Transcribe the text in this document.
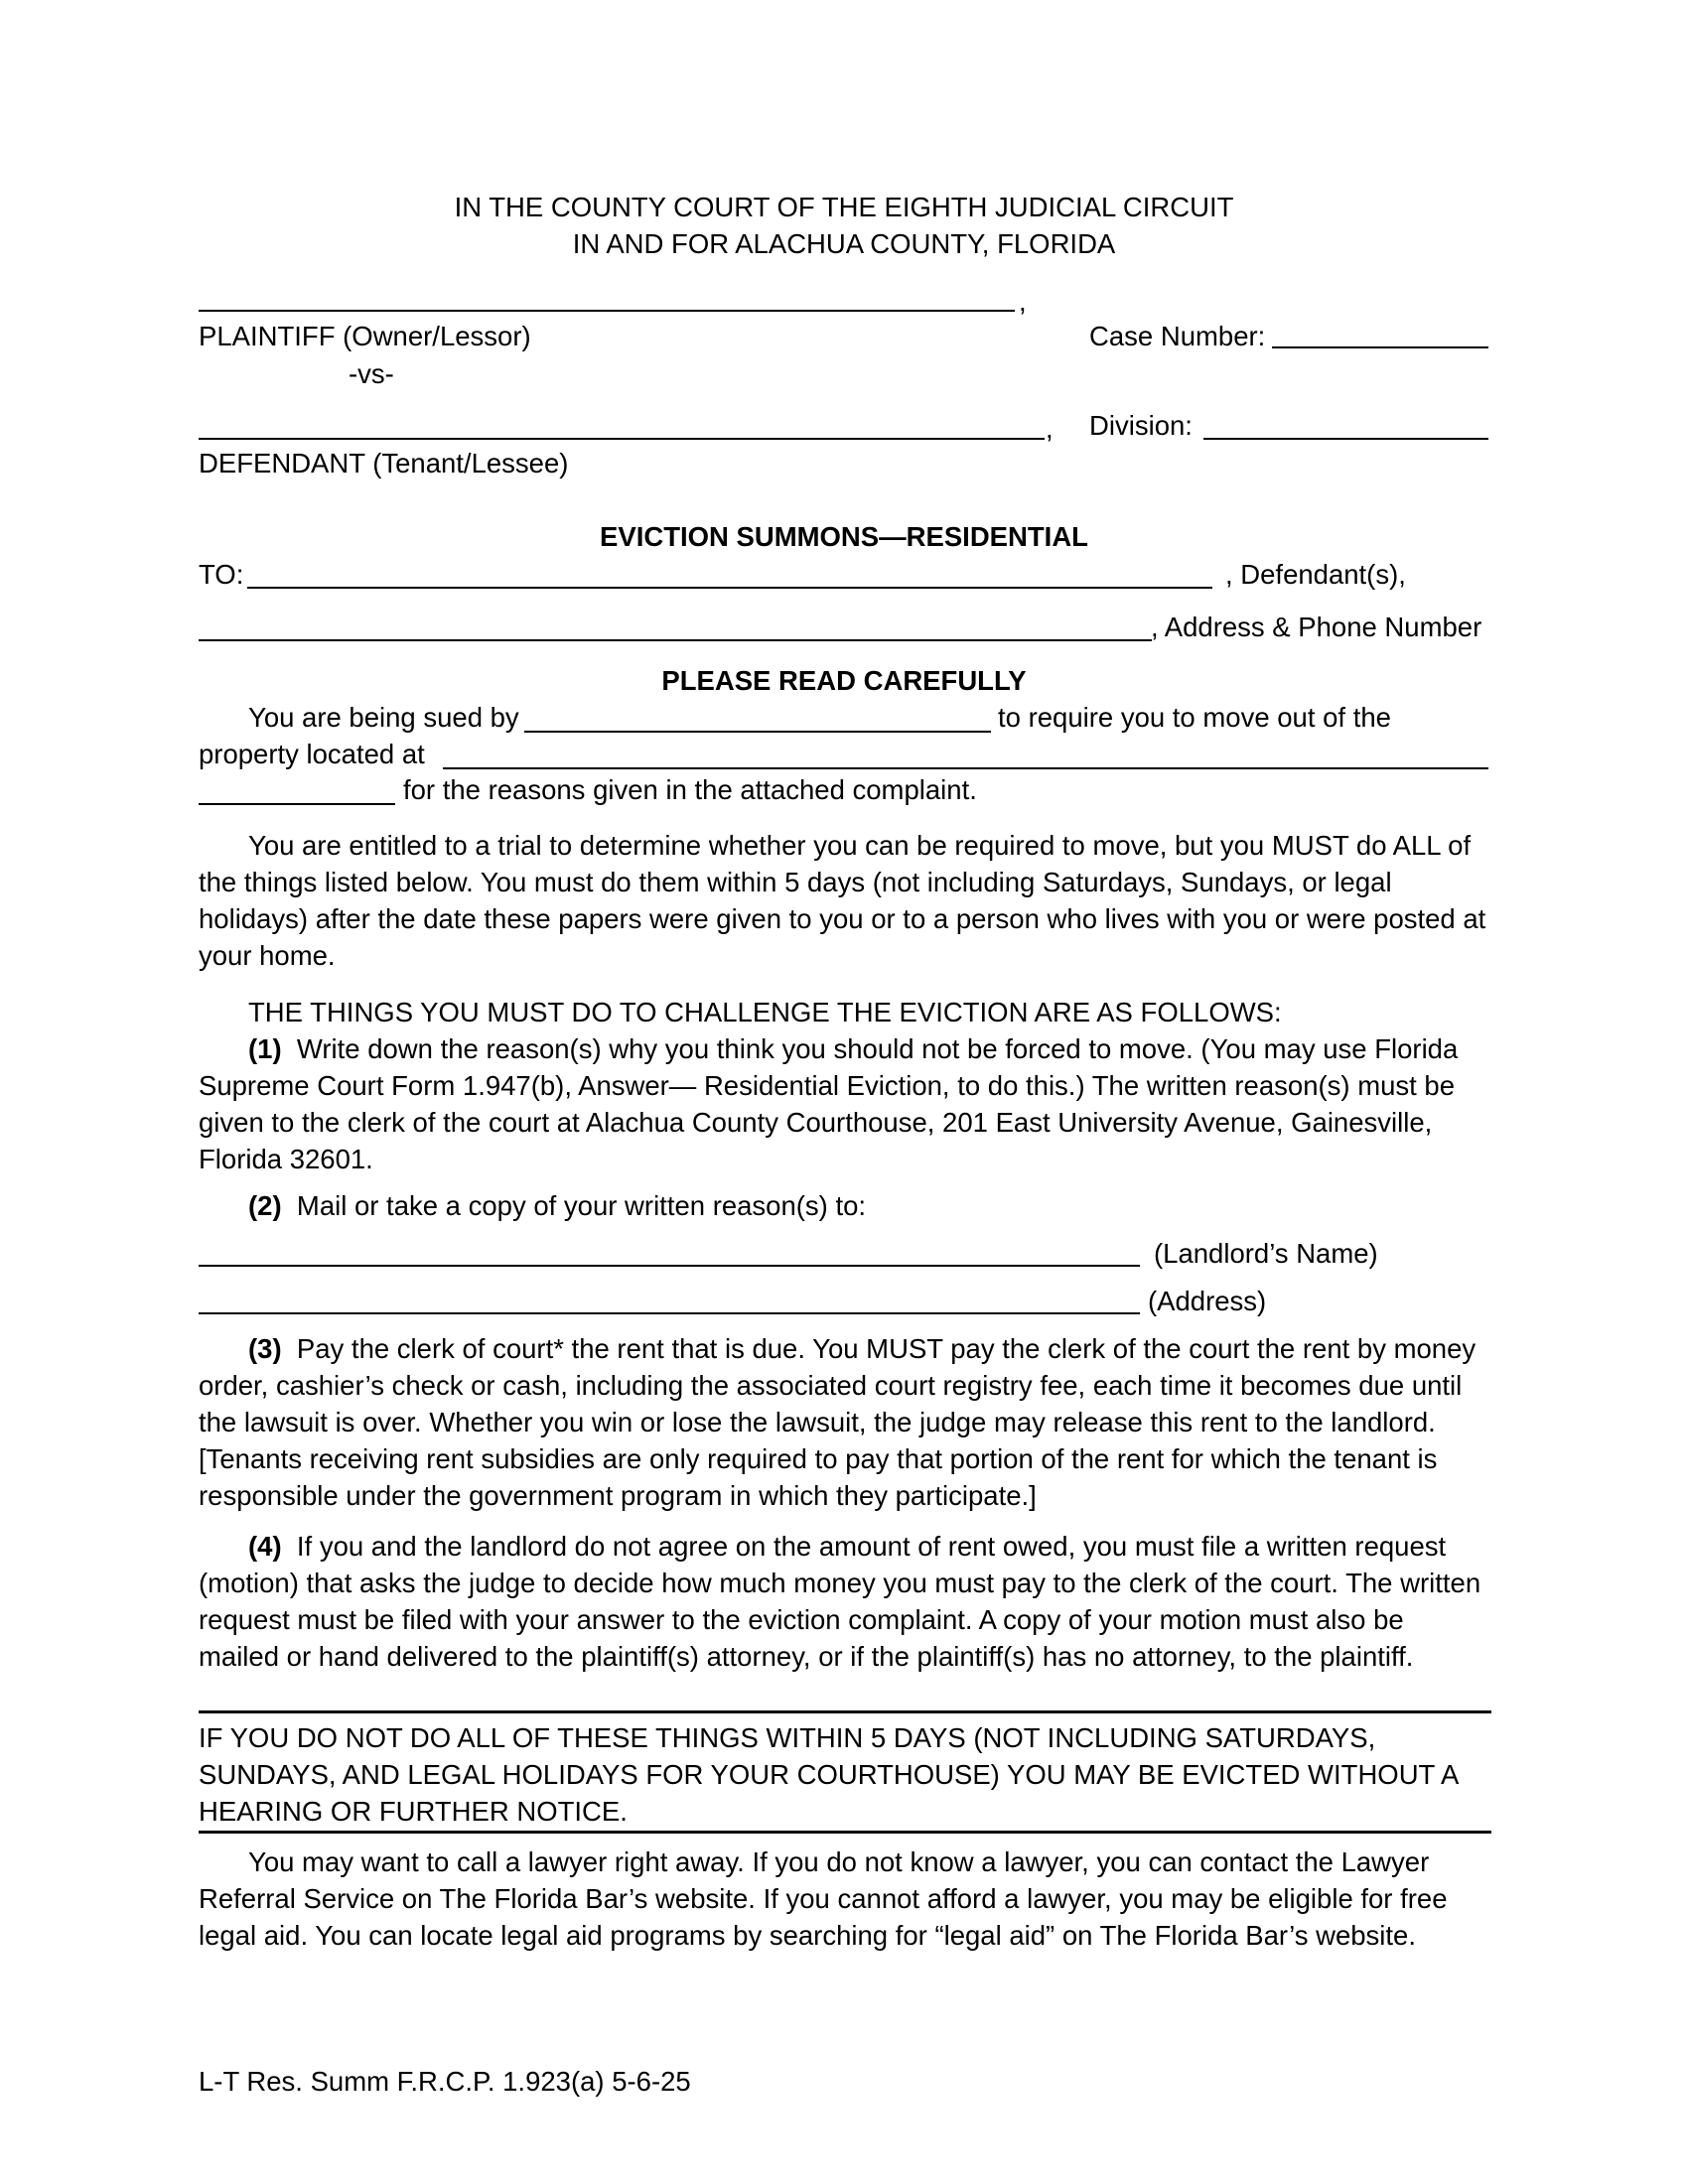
IN THE COUNTY COURT OF THE EIGHTH JUDICIAL CIRCUIT
IN AND FOR ALACHUA COUNTY, FLORIDA
,
PLAINTIFF (Owner/Lessor)	Case Number:
-vs-
, Division:
DEFENDANT (Tenant/Lessee)
EVICTION SUMMONS—RESIDENTIAL
TO:	, Defendant(s),
, Address & Phone Number
PLEASE READ CAREFULLY
You are being sued by	to require you to move out of the
property located at
for the reasons given in the attached complaint.
You are entitled to a trial to determine whether you can be required to move, but you MUST do ALL of the things listed below. You must do them within 5 days (not including Saturdays, Sundays, or legal holidays) after the date these papers were given to you or to a person who lives with you or were posted at your home.
THE THINGS YOU MUST DO TO CHALLENGE THE EVICTION ARE AS FOLLOWS:
(1) Write down the reason(s) why you think you should not be forced to move. (You may use Florida Supreme Court Form 1.947(b), Answer— Residential Eviction, to do this.) The written reason(s) must be given to the clerk of the court at Alachua County Courthouse, 201 East University Avenue, Gainesville, Florida 32601.
(2) Mail or take a copy of your written reason(s) to:
(Landlord’s Name)
(Address)
(3) Pay the clerk of court* the rent that is due. You MUST pay the clerk of the court the rent by money order, cashier’s check or cash, including the associated court registry fee, each time it becomes due until the lawsuit is over. Whether you win or lose the lawsuit, the judge may release this rent to the landlord. [Tenants receiving rent subsidies are only required to pay that portion of the rent for which the tenant is responsible under the government program in which they participate.]
(4) If you and the landlord do not agree on the amount of rent owed, you must file a written request (motion) that asks the judge to decide how much money you must pay to the clerk of the court. The written request must be filed with your answer to the eviction complaint. A copy of your motion must also be mailed or hand delivered to the plaintiff(s) attorney, or if the plaintiff(s) has no attorney, to the plaintiff.
IF YOU DO NOT DO ALL OF THESE THINGS WITHIN 5 DAYS (NOT INCLUDING SATURDAYS, SUNDAYS, AND LEGAL HOLIDAYS FOR YOUR COURTHOUSE) YOU MAY BE EVICTED WITHOUT A HEARING OR FURTHER NOTICE.
You may want to call a lawyer right away. If you do not know a lawyer, you can contact the Lawyer Referral Service on The Florida Bar’s website. If you cannot afford a lawyer, you may be eligible for free legal aid. You can locate legal aid programs by searching for “legal aid” on The Florida Bar’s website.
L-T Res. Summ F.R.C.P. 1.923(a) 5-6-25
